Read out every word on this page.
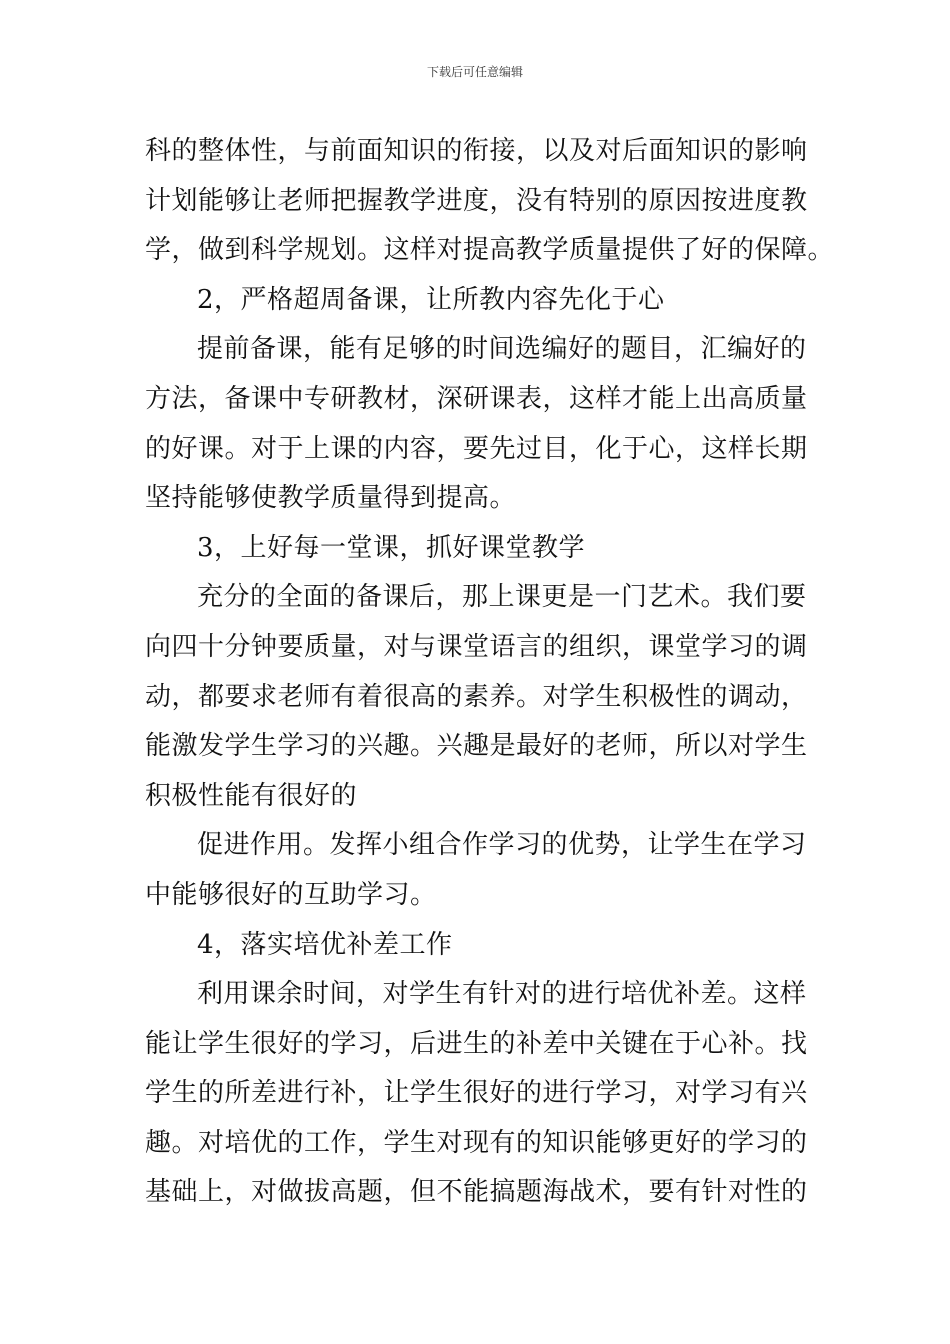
下载后可任意编辑
科的整体性，与前面知识的衔接，以及对后面知识的影响
计划能够让老师把握教学进度，没有特别的原因按进度教
学，做到科学规划。这样对提高教学质量提供了好的保障。
2，严格超周备课，让所教内容先化于心
提前备课，能有足够的时间选编好的题目，汇编好的
方法，备课中专研教材，深研课表，这样才能上出高质量
的好课。对于上课的内容，要先过目，化于心，这样长期
坚持能够使教学质量得到提高。
3，上好每一堂课，抓好课堂教学
充分的全面的备课后，那上课更是一门艺术。我们要
向四十分钟要质量，对与课堂语言的组织，课堂学习的调
动，都要求老师有着很高的素养。对学生积极性的调动，
能激发学生学习的兴趣。兴趣是最好的老师，所以对学生
积极性能有很好的
促进作用。发挥小组合作学习的优势，让学生在学习
中能够很好的互助学习。
4，落实培优补差工作
利用课余时间，对学生有针对的进行培优补差。这样
能让学生很好的学习，后进生的补差中关键在于心补。找
学生的所差进行补，让学生很好的进行学习，对学习有兴
趣。对培优的工作，学生对现有的知识能够更好的学习的
基础上，对做拔高题，但不能搞题海战术，要有针对性的
